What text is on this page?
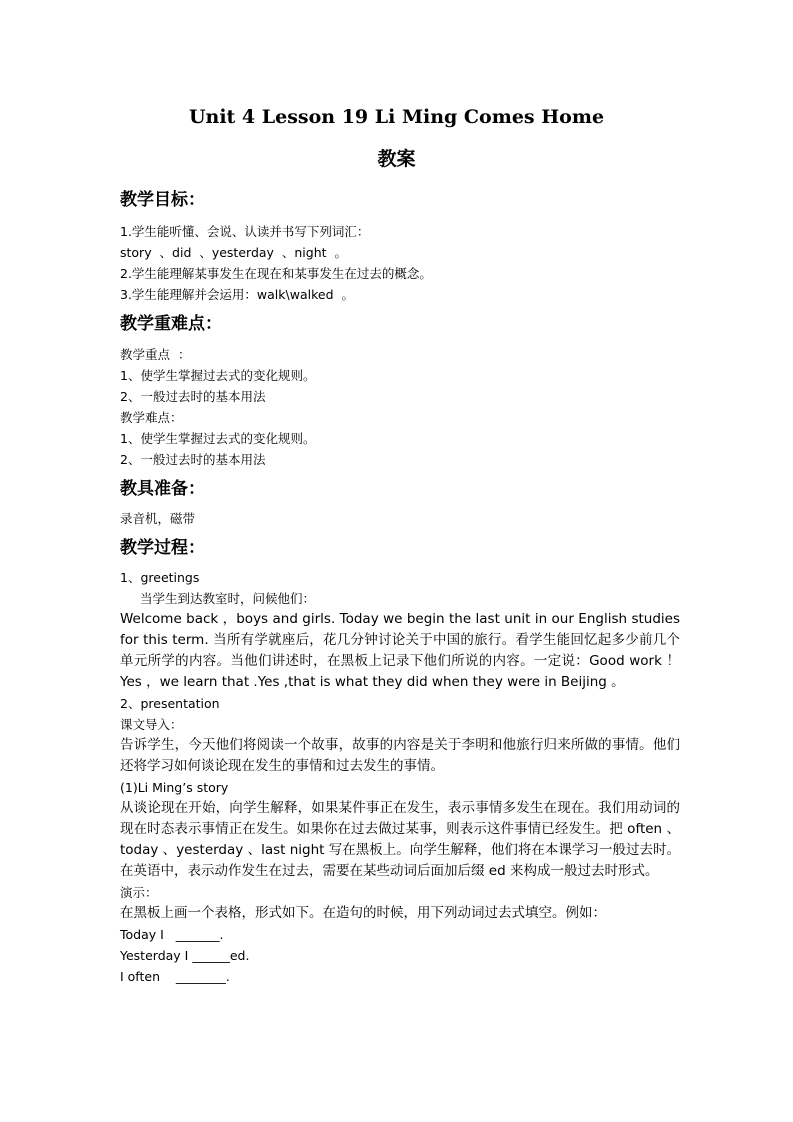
Unit 4 Lesson 19 Li Ming Comes Home
教案
教学目标：

1.学生能听懂、会说、认读并书写下列词汇：

story  、did  、yesterday  、night  。

2.学生能理解某事发生在现在和某事发生在过去的概念。

3.学生能理解并会运用：walk\walked  。

教学重难点：

教学重点  ：

1、使学生掌握过去式的变化规则。

2、一般过去时的基本用法

教学难点：

1、使学生掌握过去式的变化规则。

2、一般过去时的基本用法

教具准备：

录音机，磁带

教学过程：

1、greetings

当学生到达教室时，问候他们：

Welcome back ，boys and girls. Today we begin the last unit in our English studies for this term. 当所有学就座后，花几分钟讨论关于中国的旅行。看学生能回忆起多少前几个单元所学的内容。当他们讲述时，在黑板上记录下他们所说的内容。一定说：Good work ！Yes ，we learn that .Yes ,that is what they did when they were in Beijing 。

2、presentation

课文导入：

告诉学生，今天他们将阅读一个故事，故事的内容是关于李明和他旅行归来所做的事情。他们还将学习如何谈论现在发生的事情和过去发生的事情。

(1)Li Ming’s story

从谈论现在开始，向学生解释，如果某件事正在发生，表示事情多发生在现在。我们用动词的现在时态表示事情正在发生。如果你在过去做过某事，则表示这件事情已经发生。把 often 、today 、yesterday 、last night 写在黑板上。向学生解释，他们将在本课学习一般过去时。在英语中，表示动作发生在过去，需要在某些动词后面加后缀 ed 来构成一般过去时形式。

演示：

在黑板上画一个表格，形式如下。在造句的时候，用下列动词过去式填空。例如：

Today I   _______.

Yesterday I ______ed.

I often    ________.
